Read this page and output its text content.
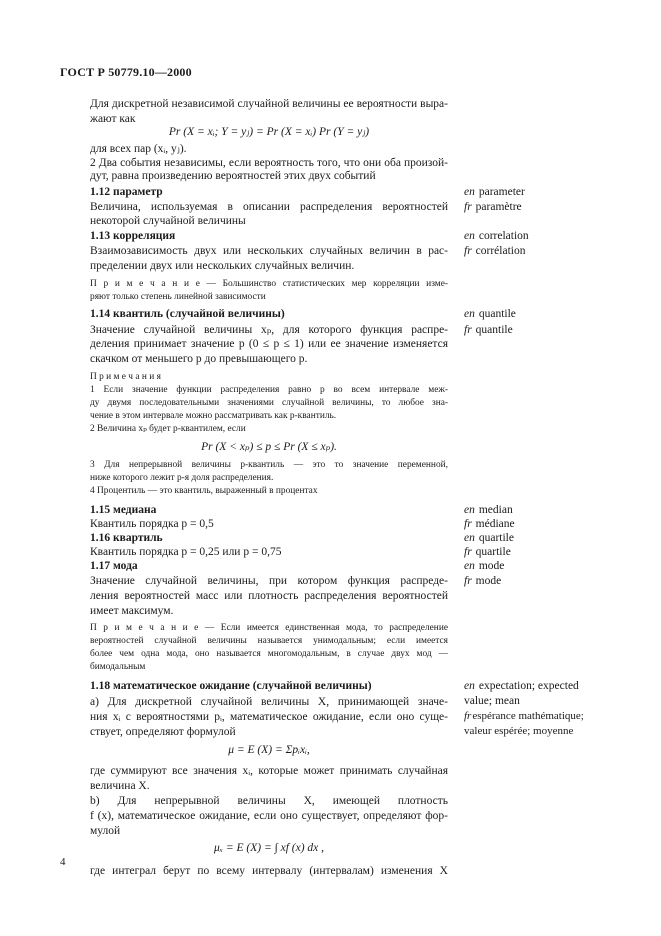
ГОСТ Р 50779.10—2000
Для дискретной независимой случайной величины ее вероятности выра-
жают как
Pr (X = xᵢ; Y = yⱼ) = Pr (X = xᵢ) Pr (Y = yⱼ)
для всех пар (xᵢ, yⱼ).
2 Два события независимы, если вероятность того, что они оба произой-
дут, равна произведению вероятностей этих двух событий
1.12 параметр
Величина, используемая в описании распределения вероятностей
некоторой случайной величины
1.13 корреляция
Взаимозависимость двух или нескольких случайных величин в рас-
пределении двух или нескольких случайных величин.
П р и м е ч а н и е — Большинство статистических мер корреляции изме-
ряют только степень линейной зависимости
1.14 квантиль (случайной величины)
Значение случайной величины xₚ, для которого функция распре-
деления принимает значение p (0 ≤ p ≤ 1) или ее значение изменяется
скачком от меньшего p до превышающего p.
П р и м е ч а н и я
1 Если значение функции распределения равно p во всем интервале меж-
ду двумя последовательными значениями случайной величины, то любое зна-
чение в этом интервале можно рассматривать как p-квантиль.
2 Величина xₚ будет p-квантилем, если
Pr (X < xₚ) ≤ p ≤ Pr (X ≤ xₚ).
3 Для непрерывной величины p-квантиль — это то значение переменной,
ниже которого лежит p-я доля распределения.
4 Процентиль — это квантиль, выраженный в процентах
1.15 медиана
Квантиль порядка p = 0,5
1.16 квартиль
Квантиль порядка p = 0,25 или p = 0,75
1.17 мода
Значение случайной величины, при котором функция распреде-
ления вероятностей масс или плотность распределения вероятностей
имеет максимум.
П р и м е ч а н и е — Если имеется единственная мода, то распределение
вероятностей случайной величины называется унимодальным; если имеется
более чем одна мода, оно называется многомодальным, в случае двух мод —
бимодальным
1.18 математическое ожидание (случайной величины)
a) Для дискретной случайной величины X, принимающей значе-
ния xᵢ с вероятностями pᵢ, математическое ожидание, если оно суще-
ствует, определяют формулой
μ = E (X) = Σpᵢxᵢ,
где суммируют все значения xᵢ, которые может принимать случайная
величина X.
b) Для непрерывной величины X, имеющей плотность
f (x), математическое ожидание, если оно существует, определяют фор-
мулой
μₓ = E (X) = ∫ xf (x) dx ,
где интеграл берут по всему интервалу (интервалам) изменения X
en parameter
fr paramètre
en correlation
fr corrélation
en quantile
fr quantile
en median
fr médiane
en quartile
fr quartile
en mode
fr mode
en expectation; expected
value; mean
frespérance mathématique;
valeur espérée; moyenne
4
